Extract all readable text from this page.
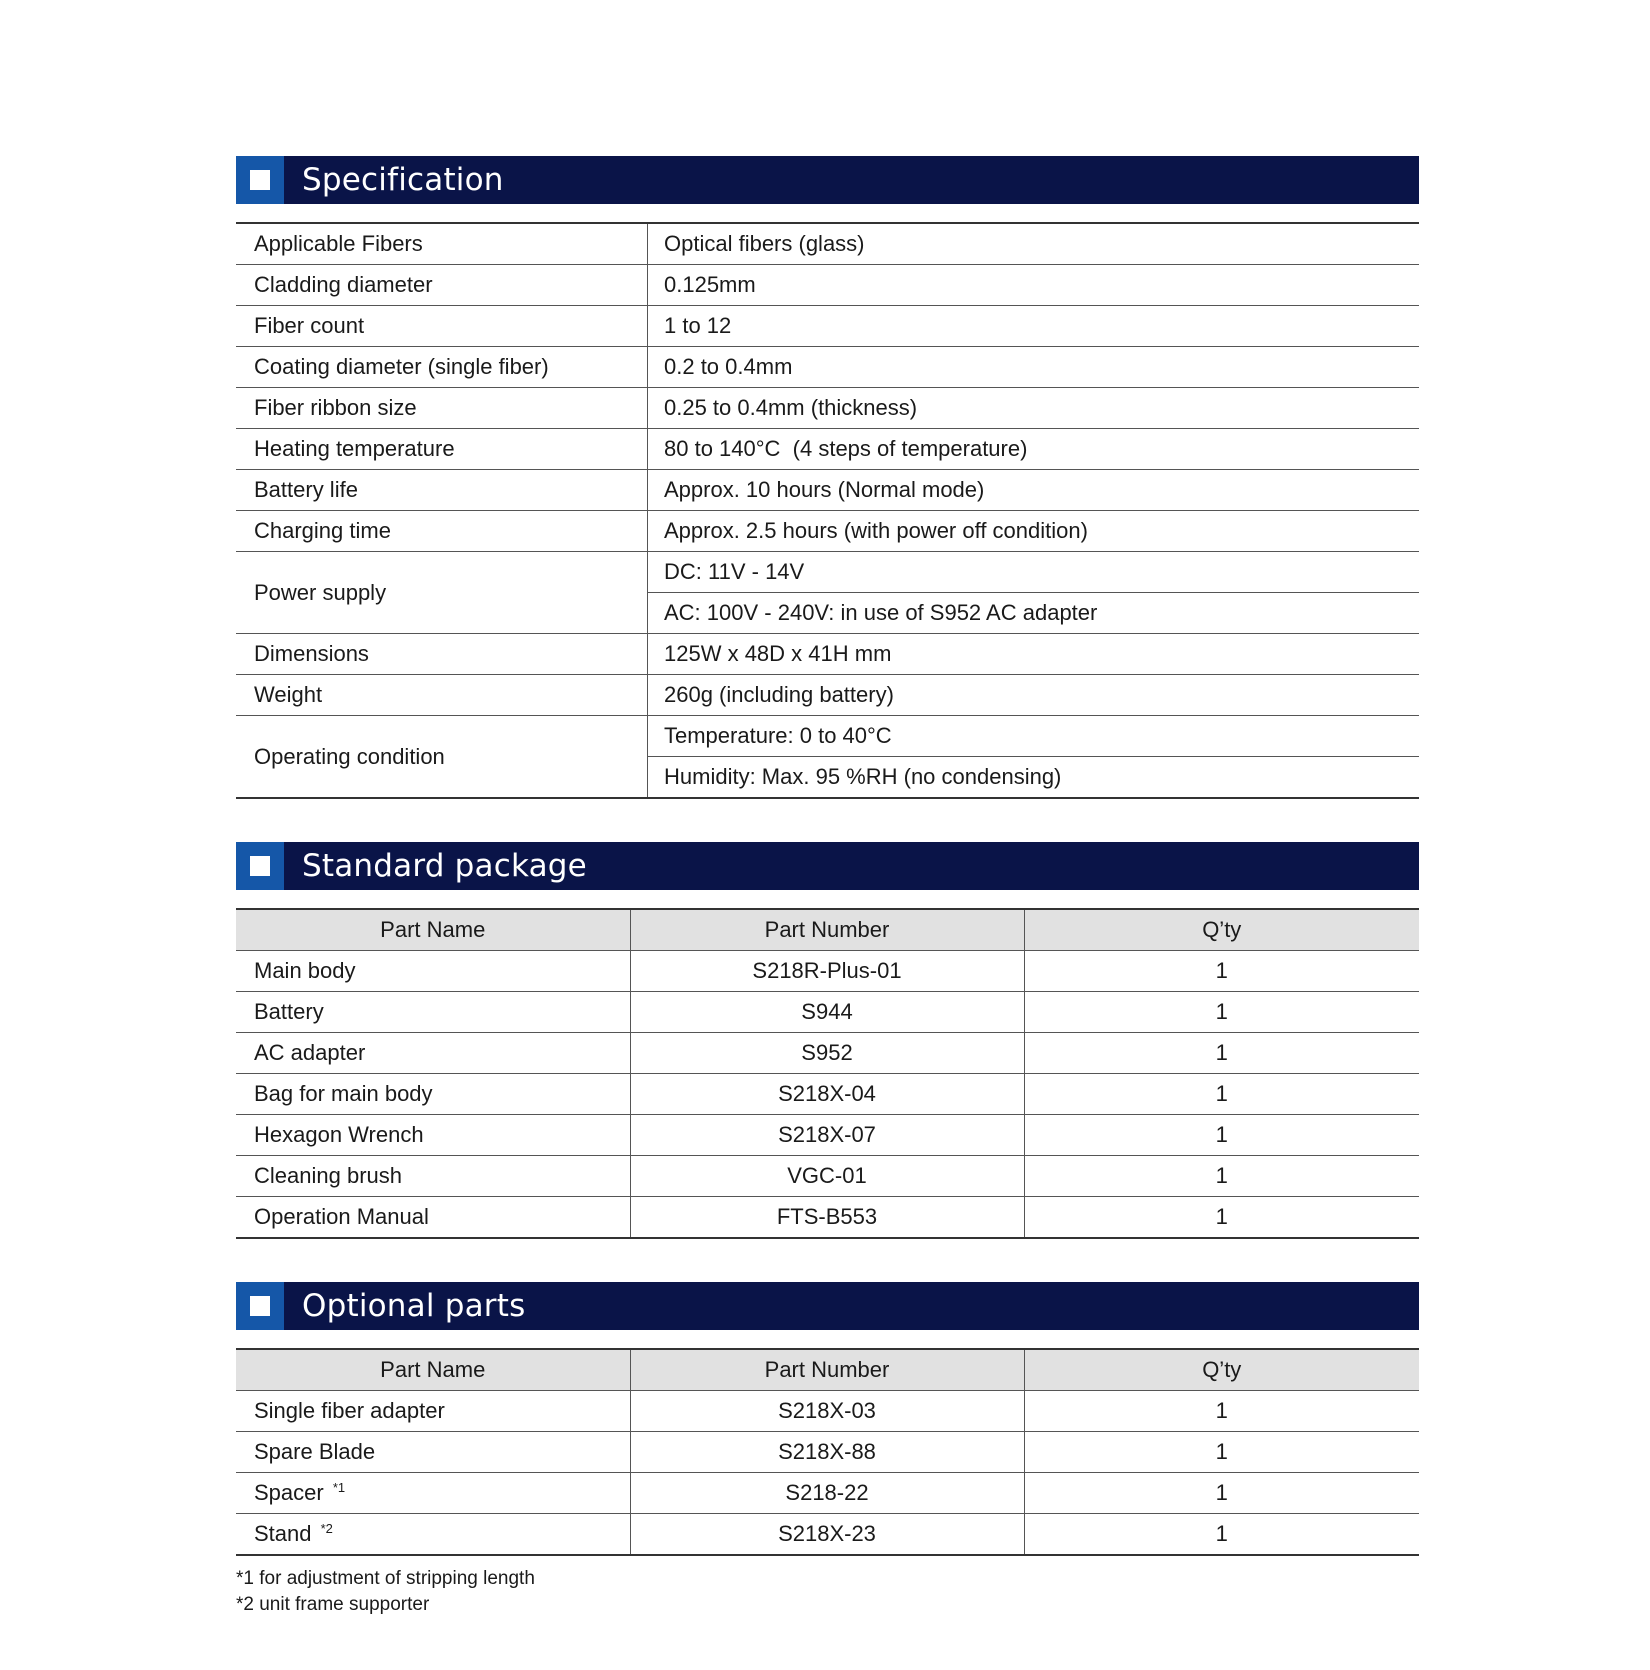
Specification
Applicable Fibers	Optical fibers (glass)
Cladding diameter	0.125mm
Fiber count	1 to 12
Coating diameter (single fiber)	0.2 to 0.4mm
Fiber ribbon size	0.25 to 0.4mm (thickness)
Heating temperature	80 to 140°C  (4 steps of temperature)
Battery life	Approx. 10 hours (Normal mode)
Charging time	Approx. 2.5 hours (with power off condition)
Power supply	DC: 11V - 14V
	AC: 100V - 240V: in use of S952 AC adapter
Dimensions	125W x 48D x 41H mm
Weight	260g (including battery)
Operating condition	Temperature: 0 to 40°C
	Humidity: Max. 95 %RH (no condensing)
Standard package
Part Name	Part Number	Q’ty
Main body	S218R-Plus-01	1
Battery	S944	1
AC adapter	S952	1
Bag for main body	S218X-04	1
Hexagon Wrench	S218X-07	1
Cleaning brush	VGC-01	1
Operation Manual	FTS-B553	1
Optional parts
Part Name	Part Number	Q’ty
Single fiber adapter	S218X-03	1
Spare Blade	S218X-88	1
Spacer $^{*1}$	S218-22	1
Stand $^{*2}$	S218X-23	1
*1 for adjustment of stripping length
*2 unit frame supporter
